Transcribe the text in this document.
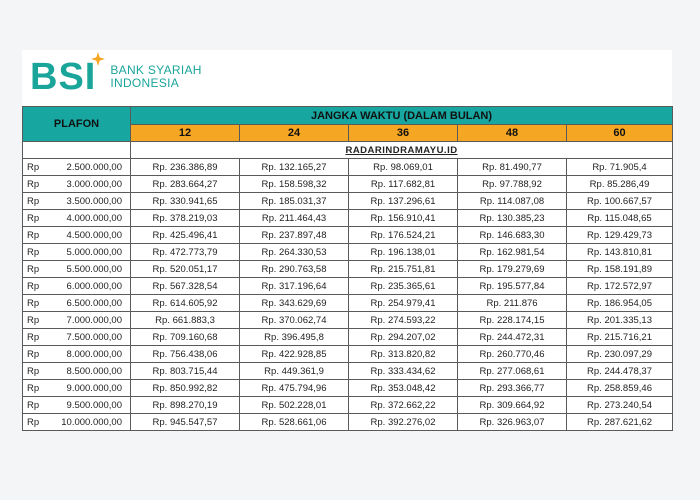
BSI BANK SYARIAH
INDONESIA
PLAFON		JANGKA WAKTU (DALAM BULAN)				
		12	24	36	48	60
		RADARINDRAMAYU.ID				
Rp	2.500.000,00	Rp. 236.386,89	Rp. 132.165,27	Rp. 98.069,01	Rp. 81.490,77	Rp. 71.905,4
Rp	3.000.000,00	Rp. 283.664,27	Rp. 158.598,32	Rp. 117.682,81	Rp. 97.788,92	Rp. 85.286,49
Rp	3.500.000,00	Rp. 330.941,65	Rp. 185.031,37	Rp. 137.296,61	Rp. 114.087,08	Rp. 100.667,57
Rp	4.000.000,00	Rp. 378.219,03	Rp. 211.464,43	Rp. 156.910,41	Rp. 130.385,23	Rp. 115.048,65
Rp	4.500.000,00	Rp. 425.496,41	Rp. 237.897,48	Rp. 176.524,21	Rp. 146.683,30	Rp. 129.429,73
Rp	5.000.000,00	Rp. 472.773,79	Rp. 264.330,53	Rp. 196.138,01	Rp. 162.981,54	Rp. 143.810,81
Rp	5.500.000,00	Rp. 520.051,17	Rp. 290.763,58	Rp. 215.751,81	Rp. 179.279,69	Rp. 158.191,89
Rp	6.000.000,00	Rp. 567.328,54	Rp. 317.196,64	Rp. 235.365,61	Rp. 195.577,84	Rp. 172.572,97
Rp	6.500.000,00	Rp. 614.605,92	Rp. 343.629,69	Rp. 254.979,41	Rp. 211.876	Rp. 186.954,05
Rp	7.000.000,00	Rp. 661.883,3	Rp. 370.062,74	Rp. 274.593,22	Rp. 228.174,15	Rp. 201.335,13
Rp	7.500.000,00	Rp. 709.160,68	Rp. 396.495,8	Rp. 294.207,02	Rp. 244.472,31	Rp. 215.716,21
Rp	8.000.000,00	Rp. 756.438,06	Rp. 422.928,85	Rp. 313.820,82	Rp. 260.770,46	Rp. 230.097,29
Rp	8.500.000,00	Rp. 803.715,44	Rp. 449.361,9	Rp. 333.434,62	Rp. 277.068,61	Rp. 244.478,37
Rp	9.000.000,00	Rp. 850.992,82	Rp. 475.794,96	Rp. 353.048,42	Rp. 293.366,77	Rp. 258.859,46
Rp	9.500.000,00	Rp. 898.270,19	Rp. 502.228,01	Rp. 372.662,22	Rp. 309.664,92	Rp. 273.240,54
Rp	10.000.000,00	Rp. 945.547,57	Rp. 528.661,06	Rp. 392.276,02	Rp. 326.963,07	Rp. 287.621,62
